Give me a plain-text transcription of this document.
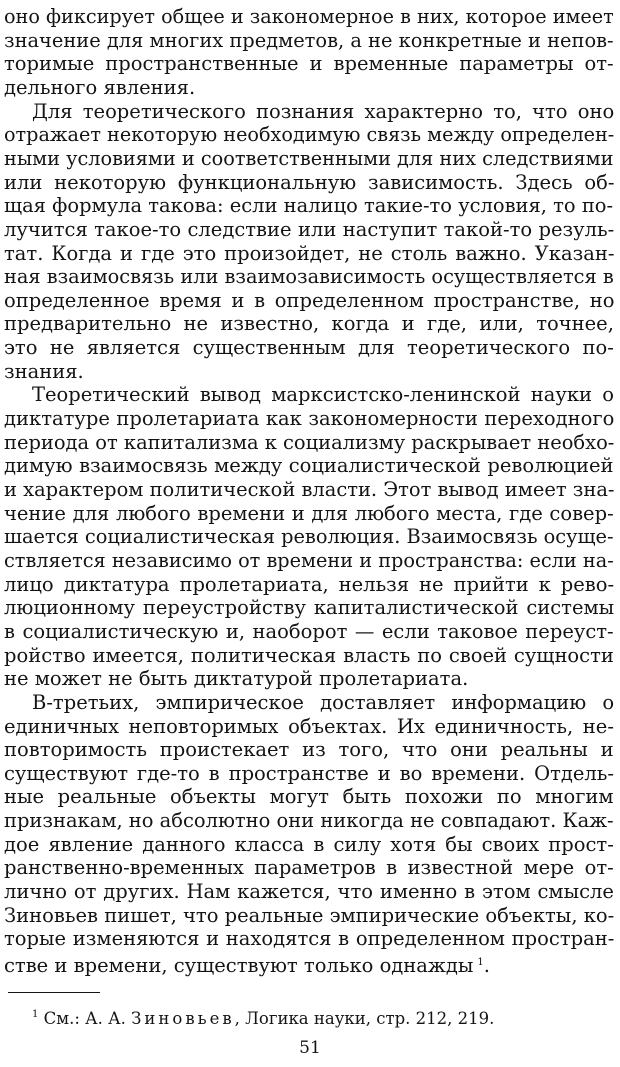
оно фиксирует общее и закономерное в них, которое имеет
значение для многих предметов, а не конкретные и непов-
торимые пространственные и временные параметры от-
дельного явления.
Для теоретического познания характерно то, что оно
отражает некоторую необходимую связь между определен-
ными условиями и соответственными для них следствиями
или некоторую функциональную зависимость. Здесь об-
щая формула такова: если налицо такие-то условия, то по-
лучится такое-то следствие или наступит такой-то резуль-
тат. Когда и где это произойдет, не столь важно. Указан-
ная взаимосвязь или взаимозависимость осуществляется в
определенное время и в определенном пространстве, но
предварительно не известно, когда и где, или, точнее,
это не является существенным для теоретического по-
знания.
Теоретический вывод марксистско-ленинской науки о
диктатуре пролетариата как закономерности переходного
периода от капитализма к социализму раскрывает необхо-
димую взаимосвязь между социалистической революцией
и характером политической власти. Этот вывод имеет зна-
чение для любого времени и для любого места, где совер-
шается социалистическая революция. Взаимосвязь осуще-
ствляется независимо от времени и пространства: если на-
лицо диктатура пролетариата, нельзя не прийти к рево-
люционному переустройству капиталистической системы
в социалистическую и, наоборот — если таковое переуст-
ройство имеется, политическая власть по своей сущности
не может не быть диктатурой пролетариата.
В-третьих, эмпирическое доставляет информацию о
единичных неповторимых объектах. Их единичность, не-
повторимость проистекает из того, что они реальны и
существуют где-то в пространстве и во времени. Отдель-
ные реальные объекты могут быть похожи по многим
признакам, но абсолютно они никогда не совпадают. Каж-
дое явление данного класса в силу хотя бы своих прост-
ранственно-временных параметров в известной мере от-
лично от других. Нам кажется, что именно в этом смысле
Зиновьев пишет, что реальные эмпирические объекты, ко-
торые изменяются и находятся в определенном простран-
стве и времени, существуют только однажды  $^1$.
$^1$ См.: А. А. Зиновьев, Логика науки, стр. 212, 219.
51
